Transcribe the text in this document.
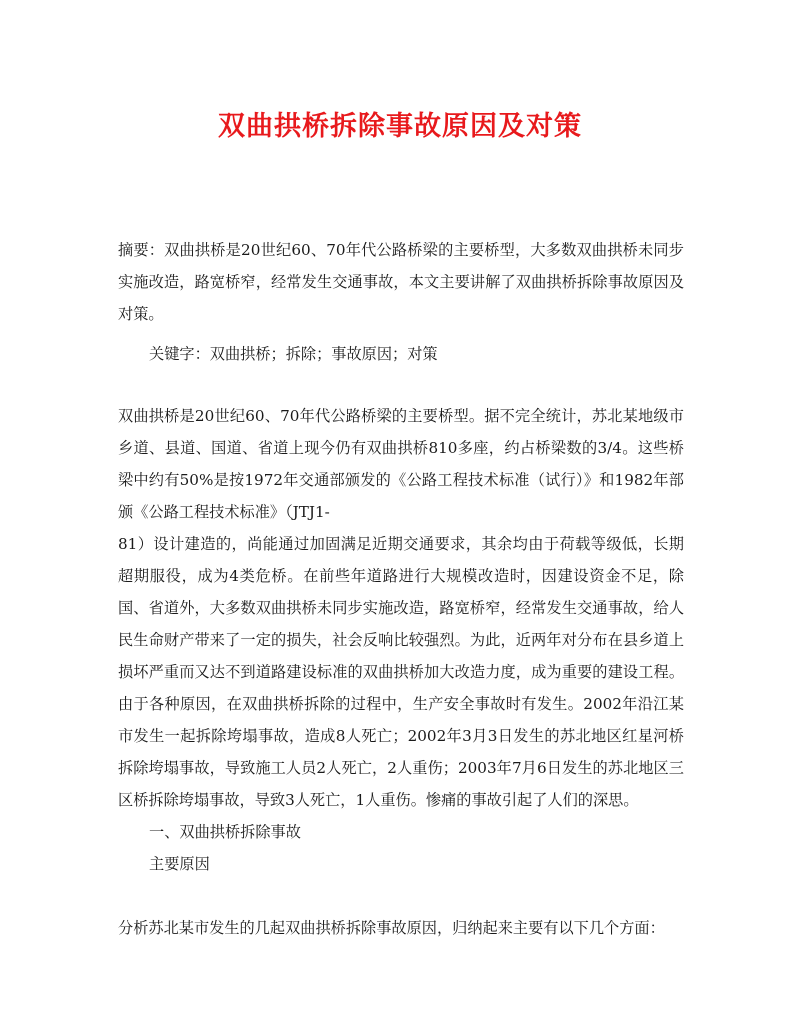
双曲拱桥拆除事故原因及对策

摘要：双曲拱桥是20世纪60、70年代公路桥梁的主要桥型，大多数双曲拱桥未同步实施改造，路宽桥窄，经常发生交通事故，本文主要讲解了双曲拱桥拆除事故原因及对策。

关键字：双曲拱桥；拆除；事故原因；对策

双曲拱桥是20世纪60、70年代公路桥梁的主要桥型。据不完全统计，苏北某地级市乡道、县道、国道、省道上现今仍有双曲拱桥810多座，约占桥梁数的3/4。这些桥梁中约有50%是按1972年交通部颁发的《公路工程技术标准（试行）》和1982年部颁《公路工程技术标准》（JTJ1-

81）设计建造的，尚能通过加固满足近期交通要求，其余均由于荷载等级低，长期超期服役，成为4类危桥。在前些年道路进行大规模改造时，因建设资金不足，除国、省道外，大多数双曲拱桥未同步实施改造，路宽桥窄，经常发生交通事故，给人民生命财产带来了一定的损失，社会反响比较强烈。为此，近两年对分布在县乡道上损坏严重而又达不到道路建设标准的双曲拱桥加大改造力度，成为重要的建设工程。由于各种原因，在双曲拱桥拆除的过程中，生产安全事故时有发生。2002年沿江某市发生一起拆除垮塌事故，造成8人死亡；2002年3月3日发生的苏北地区红星河桥拆除垮塌事故，导致施工人员2人死亡，2人重伤；2003年7月6日发生的苏北地区三区桥拆除垮塌事故，导致3人死亡，1人重伤。惨痛的事故引起了人们的深思。

一、双曲拱桥拆除事故

主要原因

分析苏北某市发生的几起双曲拱桥拆除事故原因，归纳起来主要有以下几个方面：
